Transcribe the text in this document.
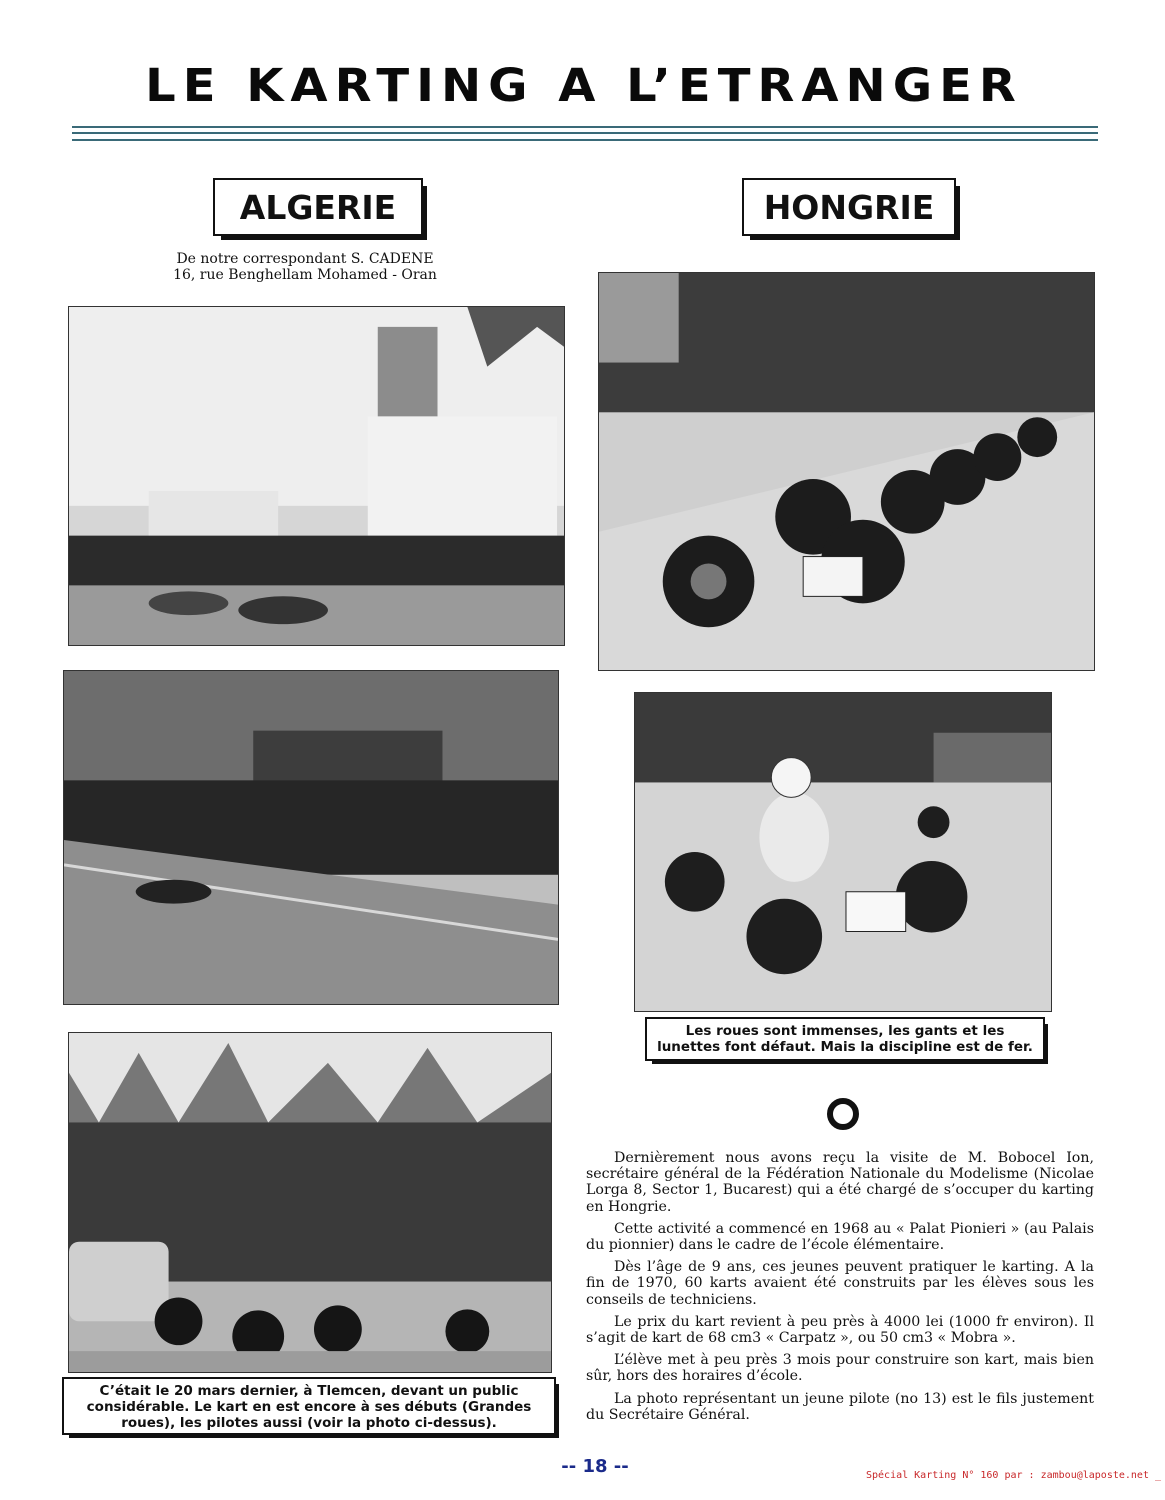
LE KARTING A L’ETRANGER
ALGERIE	HONGRIE
De notre correspondant S. CADENE
16, rue Benghellam Mohamed - Oran
C’était le 20 mars dernier, à Tlemcen, devant un public considérable. Le kart en est encore à ses débuts (Grandes roues), les pilotes aussi (voir la photo ci-dessus).
Les roues sont immenses, les gants et les lunettes font défaut. Mais la discipline est de fer.

Dernièrement nous avons reçu la visite de M. Bobocel Ion, secrétaire général de la Fédération Nationale du Modelisme (Nicolae Lorga 8, Sector 1, Bucarest) qui a été chargé de s’occuper du karting en Hongrie.

Cette activité a commencé en 1968 au « Palat Pionieri » (au Palais du pionnier) dans le cadre de l’école élémentaire.

Dès l’âge de 9 ans, ces jeunes peuvent pratiquer le karting. A la fin de 1970, 60 karts avaient été construits par les élèves sous les conseils de techniciens.

Le prix du kart revient à peu près à 4000 lei (1000 fr environ). Il s’agit de kart de 68 cm3 « Carpatz », ou 50 cm3 « Mobra ».

L’élève met à peu près 3 mois pour construire son kart, mais bien sûr, hors des horaires d’école.

La photo représentant un jeune pilote (no 13) est le fils justement du Secrétaire Général.

-- 18 --	Spécial Karting N° 160 par : zambou@laposte.net _
